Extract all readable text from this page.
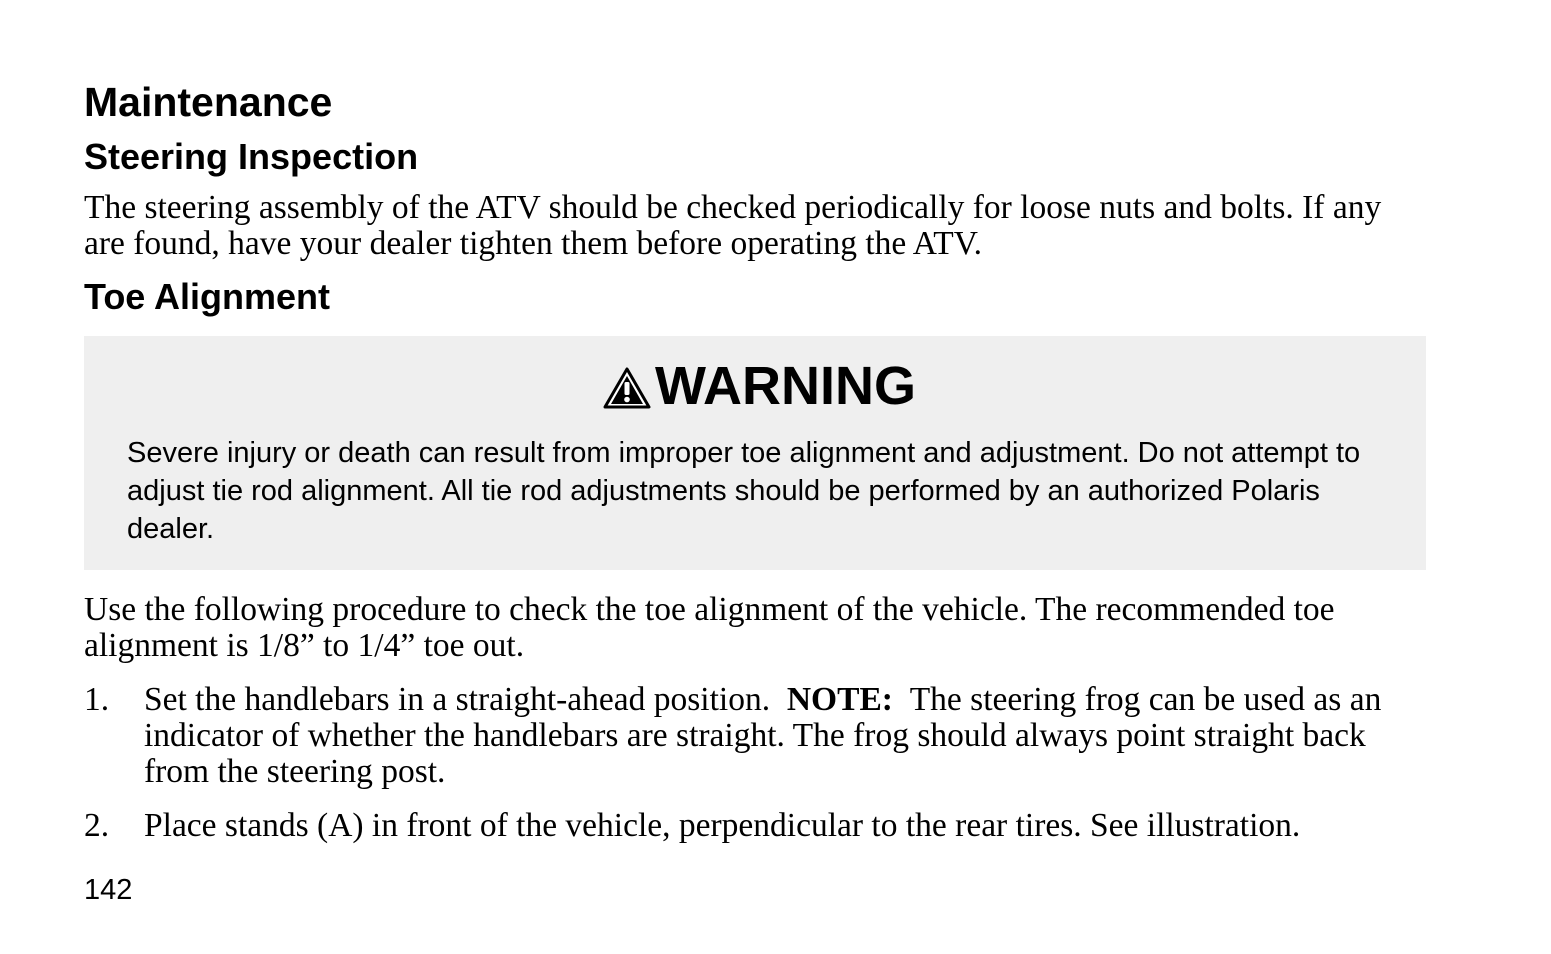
Maintenance
Steering Inspection

The steering assembly of the ATV should be checked periodically for loose nuts and bolts. If any are found, have your dealer tighten them before operating the ATV.

Toe Alignment
WARNING

Severe injury or death can result from improper toe alignment and adjustment. Do not attempt to adjust tie rod alignment. All tie rod adjustments should be performed by an authorized Polaris dealer.

Use the following procedure to check the toe alignment of the vehicle. The recommended toe alignment is 1/8” to 1/4” toe out.

1.	Set the handlebars in a straight-ahead position. NOTE: The steering frog can be used as an indicator of whether the handlebars are straight. The frog should always point straight back from the steering post.
2.	Place stands (A) in front of the vehicle, perpendicular to the rear tires. See illustration.

142
